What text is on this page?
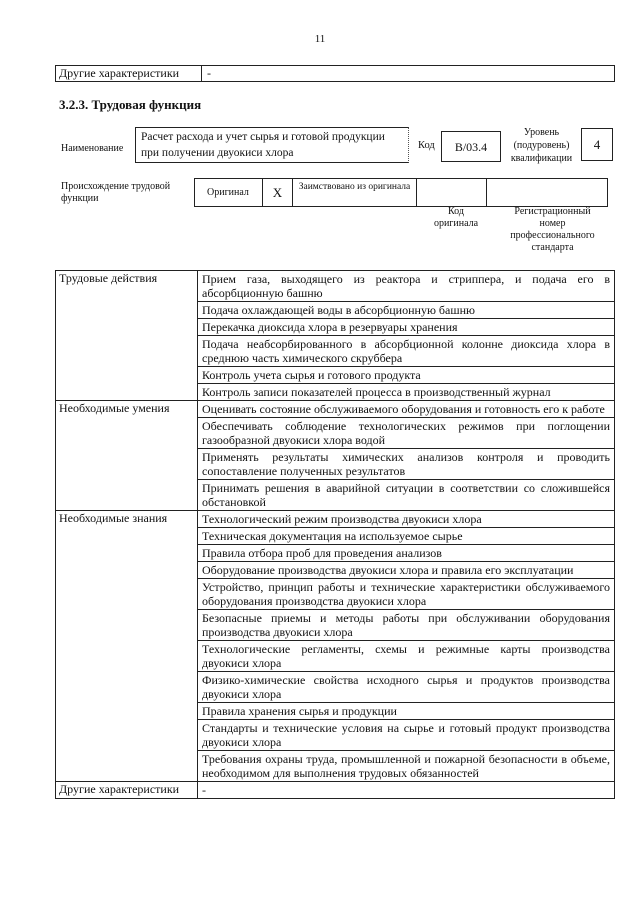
11
Другие характеристики	-
3.2.3. Трудовая функция
Наименование
Расчет расхода и учет сырья и готовой продукции при получении двуокиси хлора
Код	В/03.4
Уровень (подуровень) квалификации
4
Происхождение трудовой функции
Оригинал	X	Заимствовано из оригинала
Код оригинала
Регистрационный номер профессионального стандарта
Трудовые действия	Прием газа, выходящего из реактора и стриппера, и подача его в абсорбционную башню
	Подача охлаждающей воды в абсорбционную башню
	Перекачка диоксида хлора в резервуары хранения
	Подача неабсорбированного в абсорбционной колонне диоксида хлора в среднюю часть химического скруббера
	Контроль учета сырья и готового продукта
	Контроль записи показателей процесса в производственный журнал
Необходимые умения	Оценивать состояние обслуживаемого оборудования и готовность его к работе
	Обеспечивать соблюдение технологических режимов при поглощении газообразной двуокиси хлора водой
	Применять результаты химических анализов контроля и проводить сопоставление полученных результатов
	Принимать решения в аварийной ситуации в соответствии со сложившейся обстановкой
Необходимые знания	Технологический режим производства двуокиси хлора
	Техническая документация на используемое сырье
	Правила отбора проб для проведения анализов
	Оборудование производства двуокиси хлора и правила его эксплуатации
	Устройство, принцип работы и технические характеристики обслуживаемого оборудования производства двуокиси хлора
	Безопасные приемы и методы работы при обслуживании оборудования производства двуокиси хлора
	Технологические регламенты, схемы и режимные карты производства двуокиси хлора
	Физико-химические свойства исходного сырья и продуктов производства двуокиси хлора
	Правила хранения сырья и продукции
	Стандарты и технические условия на сырье и готовый продукт производства двуокиси хлора
	Требования охраны труда, промышленной и пожарной безопасности в объеме, необходимом для выполнения трудовых обязанностей
Другие характеристики	-
